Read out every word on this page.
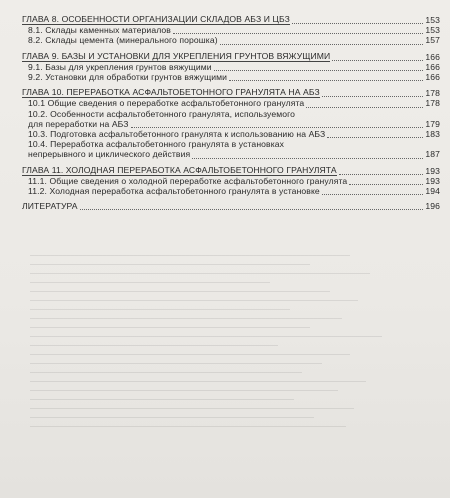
ГЛАВА 8. ОСОБЕННОСТИ ОРГАНИЗАЦИИ СКЛАДОВ АБЗ И ЦБЗ	153
8.1. Склады каменных материалов	153
8.2. Склады цемента (минерального порошка)	157
ГЛАВА 9. БАЗЫ И УСТАНОВКИ ДЛЯ УКРЕПЛЕНИЯ ГРУНТОВ ВЯЖУЩИМИ	166
9.1. Базы для укрепления грунтов вяжущими	166
9.2. Установки для обработки грунтов вяжущими	166
ГЛАВА 10. ПЕРЕРАБОТКА АСФАЛЬТОБЕТОННОГО ГРАНУЛЯТА НА АБЗ	178
10.1 Общие сведения о переработке асфальтобетонного гранулята	178
10.2. Особенности асфальтобетонного гранулята, используемого
для переработки на АБЗ	179
10.3. Подготовка асфальтобетонного гранулята к использованию на АБЗ	183
10.4. Переработка асфальтобетонного гранулята в установках
непрерывного и циклического действия	187
ГЛАВА 11. ХОЛОДНАЯ ПЕРЕРАБОТКА АСФАЛЬТОБЕТОННОГО ГРАНУЛЯТА	193
11.1. Общие сведения о холодной переработке асфальтобетонного гранулята	193
11.2. Холодная переработка асфальтобетонного гранулята в установке	194
ЛИТЕРАТУРА	196
